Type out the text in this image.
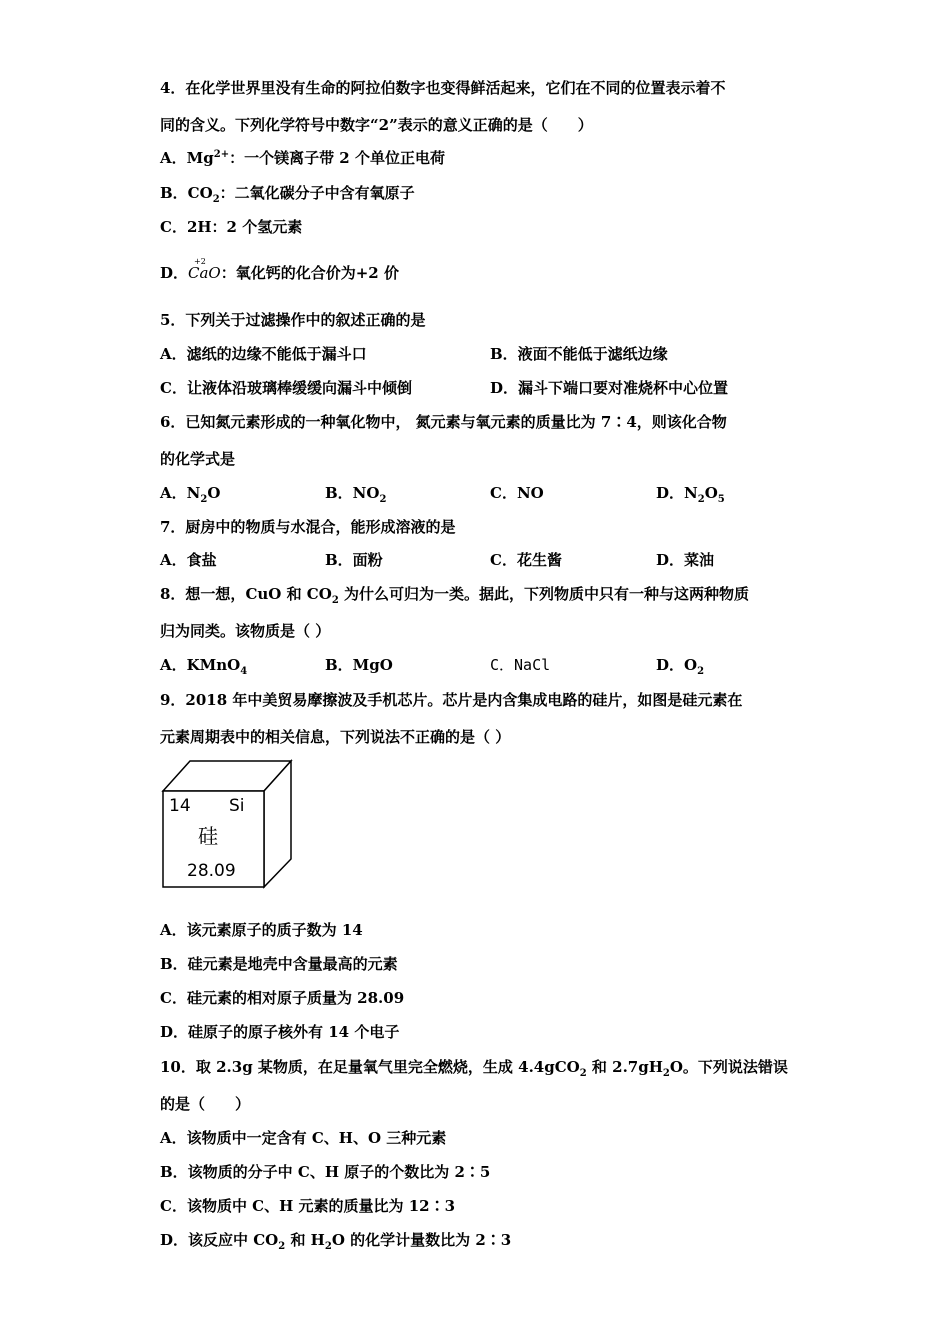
4．在化学世界里没有生命的阿拉伯数字也变得鲜活起来，它们在不同的位置表示着不
同的含义。下列化学符号中数字“2”表示的意义正确的是（　　）
A．$Mg^{2+}$：一个镁离子带 2 个单位正电荷
B．$CO_2$：二氧化碳分子中含有氧原子
C．2H：2 个氢元素
D．
+2
CaO：氧化钙的化合价为+2 价
5．下列关于过滤操作中的叙述正确的是
A．滤纸的边缘不能低于漏斗口	B．液面不能低于滤纸边缘
C．让液体沿玻璃棒缓缓向漏斗中倾倒	D．漏斗下端口要对准烧杯中心位置
6．已知氮元素形成的一种氧化物中， 氮元素与氧元素的质量比为 7∶4，则该化合物
的化学式是
A．$N_2O$	B．$NO_2$	C．NO	D．$N_2O_5$
7．厨房中的物质与水混合，能形成溶液的是
A．食盐	B．面粉	C．花生酱	D．菜油
8．想一想，CuO 和 $CO_2$ 为什么可归为一类。据此，下列物质中只有一种与这两种物质
归为同类。该物质是（ ）
A．KMnO$_4$	B．MgO	C．NaCl	D．$O_2$
9．2018 年中美贸易摩擦波及手机芯片。芯片是内含集成电路的硅片，如图是硅元素在
元素周期表中的相关信息，下列说法不正确的是（ ）
14 Si
硅
28.09
A．该元素原子的质子数为 14
B．硅元素是地壳中含量最高的元素
C．硅元素的相对原子质量为 28.09
D．硅原子的原子核外有 14 个电子
10．取 2.3g 某物质，在足量氧气里完全燃烧，生成 4.4gCO$_2$ 和 $2.7gH_2O$。下列说法错误
的是（　　）
A．该物质中一定含有 C、H、O 三种元素
B．该物质的分子中 C、H 原子的个数比为 2∶5
C．该物质中 C、H 元素的质量比为 12∶3
D．该反应中 $CO_2$ 和 $H_2O$ 的化学计量数比为 2∶3
